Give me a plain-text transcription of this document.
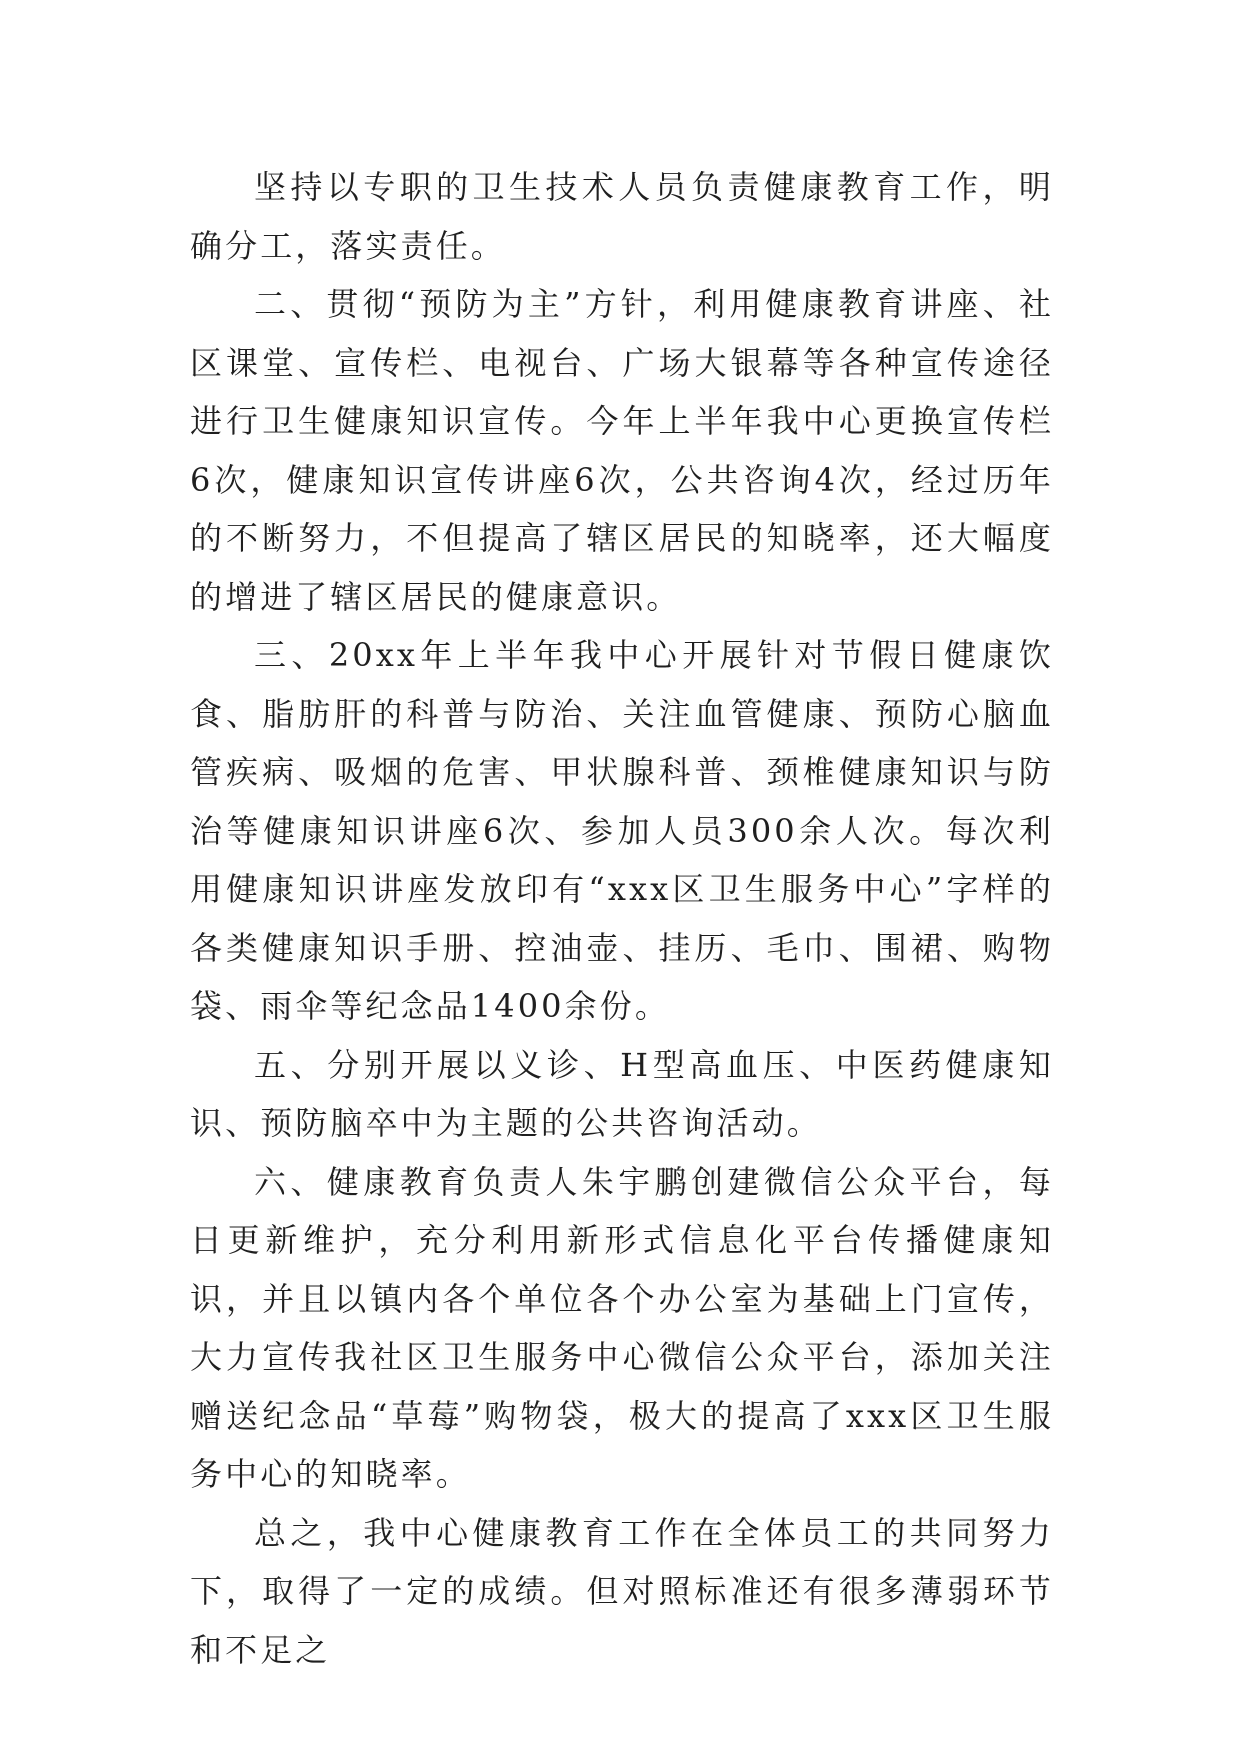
坚持以专职的卫生技术人员负责健康教育工作，明确分工，落实责任。

二、贯彻“预防为主”方针，利用健康教育讲座、社区课堂、宣传栏、电视台、广场大银幕等各种宣传途径进行卫生健康知识宣传。今年上半年我中心更换宣传栏6次，健康知识宣传讲座6次，公共咨询4次，经过历年的不断努力，不但提高了辖区居民的知晓率，还大幅度的增进了辖区居民的健康意识。

三、20xx年上半年我中心开展针对节假日健康饮食、脂肪肝的科普与防治、关注血管健康、预防心脑血管疾病、吸烟的危害、甲状腺科普、颈椎健康知识与防治等健康知识讲座6次、参加人员300余人次。每次利用健康知识讲座发放印有“xxx区卫生服务中心”字样的各类健康知识手册、控油壶、挂历、毛巾、围裙、购物袋、雨伞等纪念品1400余份。

五、分别开展以义诊、H型高血压、中医药健康知识、预防脑卒中为主题的公共咨询活动。

六、健康教育负责人朱宇鹏创建微信公众平台，每日更新维护，充分利用新形式信息化平台传播健康知识，并且以镇内各个单位各个办公室为基础上门宣传，大力宣传我社区卫生服务中心微信公众平台，添加关注赠送纪念品“草莓”购物袋，极大的提高了xxx区卫生服务中心的知晓率。

总之，我中心健康教育工作在全体员工的共同努力下，取得了一定的成绩。但对照标准还有很多薄弱环节和不足之
